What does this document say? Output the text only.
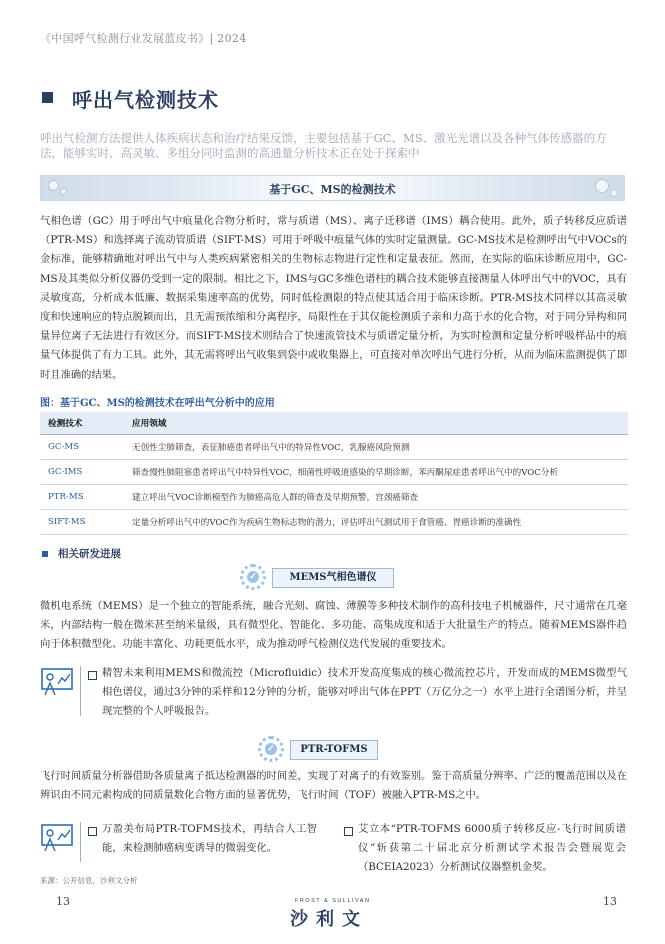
《中国呼气检测行业发展蓝皮书》| 2024
呼出气检测技术
呼出气检测方法提供人体疾病状态和治疗结果反馈，主要包括基于GC、MS、激光光谱以及各种气体传感器的方法，能够实时、高灵敏、多组分同时监测的高通量分析技术正在处于探索中
基于GC、MS的检测技术
气相色谱（GC）用于呼出气中痕量化合物分析时，常与质谱（MS）、离子迁移谱（IMS）耦合使用。此外，质子转移反应质谱（PTR-MS）和选择离子流动管质谱（SIFT-MS）可用于呼吸中痕量气体的实时定量测量。GC-MS技术是检测呼出气中VOCs的金标准，能够精确地对呼出气中与人类疾病紧密相关的生物标志物进行定性和定量表征。然而，在实际的临床诊断应用中，GC-MS及其类似分析仪器仍受到一定的限制。相比之下，IMS与GC多维色谱柱的耦合技术能够直接测量人体呼出气中的VOC，具有灵敏度高，分析成本低廉、数据采集速率高的优势，同时低检测限的特点使其适合用于临床诊断。PTR-MS技术同样以其高灵敏度和快速响应的特点脱颖而出，且无需预浓缩和分离程序，局限性在于其仅能检测质子亲和力高于水的化合物，对于同分异构和同量异位离子无法进行有效区分。而SIFT-MS技术则结合了快速流管技术与质谱定量分析，为实时检测和定量分析呼吸样品中的痕量气体提供了有力工具。此外，其无需将呼出气收集到袋中或收集器上，可直接对单次呼出气进行分析，从而为临床监测提供了即时且准确的结果。
图：基于GC、MS的检测技术在呼出气分析中的应用
检测技术	应用领域
GC-MS	无创性尘肺筛查，表征肺癌患者呼出气中的特异性VOC，乳腺癌风险预测
GC-IMS	筛查慢性肺阻塞患者呼出气中特异性VOC，细菌性呼吸道感染的早期诊断，苯丙酮尿症患者呼出气中的VOC分析
PTR-MS	建立呼出气VOC诊断模型作为肺癌高危人群的筛查及早期预警，宫颈癌筛查
SIFT-MS	定量分析呼出气中的VOC作为疾病生物标志物的潜力，评估呼出气测试用于食管癌、胃癌诊断的准确性
相关研发进展
✓	MEMS气相色谱仪
微机电系统（MEMS）是一个独立的智能系统，融合光刻、腐蚀、薄膜等多种技术制作的高科技电子机械器件，尺寸通常在几毫米，内部结构一般在微米甚至纳米量级，具有微型化、智能化、多功能、高集成度和适于大批量生产的特点。随着MEMS器件趋向于体积微型化、功能丰富化、功耗更低水平，成为推动呼气检测仪迭代发展的重要技术。
精智未来利用MEMS和微流控（Microfluidic）技术开发高度集成的核心微流控芯片，开发而成的MEMS微型气相色谱仪，通过3分钟的采样和12分钟的分析，能够对呼出气体在PPT（万亿分之一）水平上进行全谱图分析，并呈现完整的个人呼吸报告。
✓	PTR-TOFMS
飞行时间质量分析器借助各质量离子抵达检测器的时间差，实现了对离子的有效鉴别。鉴于高质量分辨率、广泛的覆盖范围以及在辨识由不同元素构成的同质量数化合物方面的显著优势，飞行时间（TOF）被融入PTR-MS之中。
万盈美布局PTR-TOFMS技术，再结合人工智能，来检测肺癌病变诱导的微弱变化。
艾立本“PTR-TOFMS 6000质子转移反应-飞行时间质谱仪”斩获第二十届北京分析测试学术报告会暨展览会（BCEIA2023）分析测试仪器整机金奖。
来源：公开信息，沙利文分析
13	FROST & SULLIVAN
沙利文
13
